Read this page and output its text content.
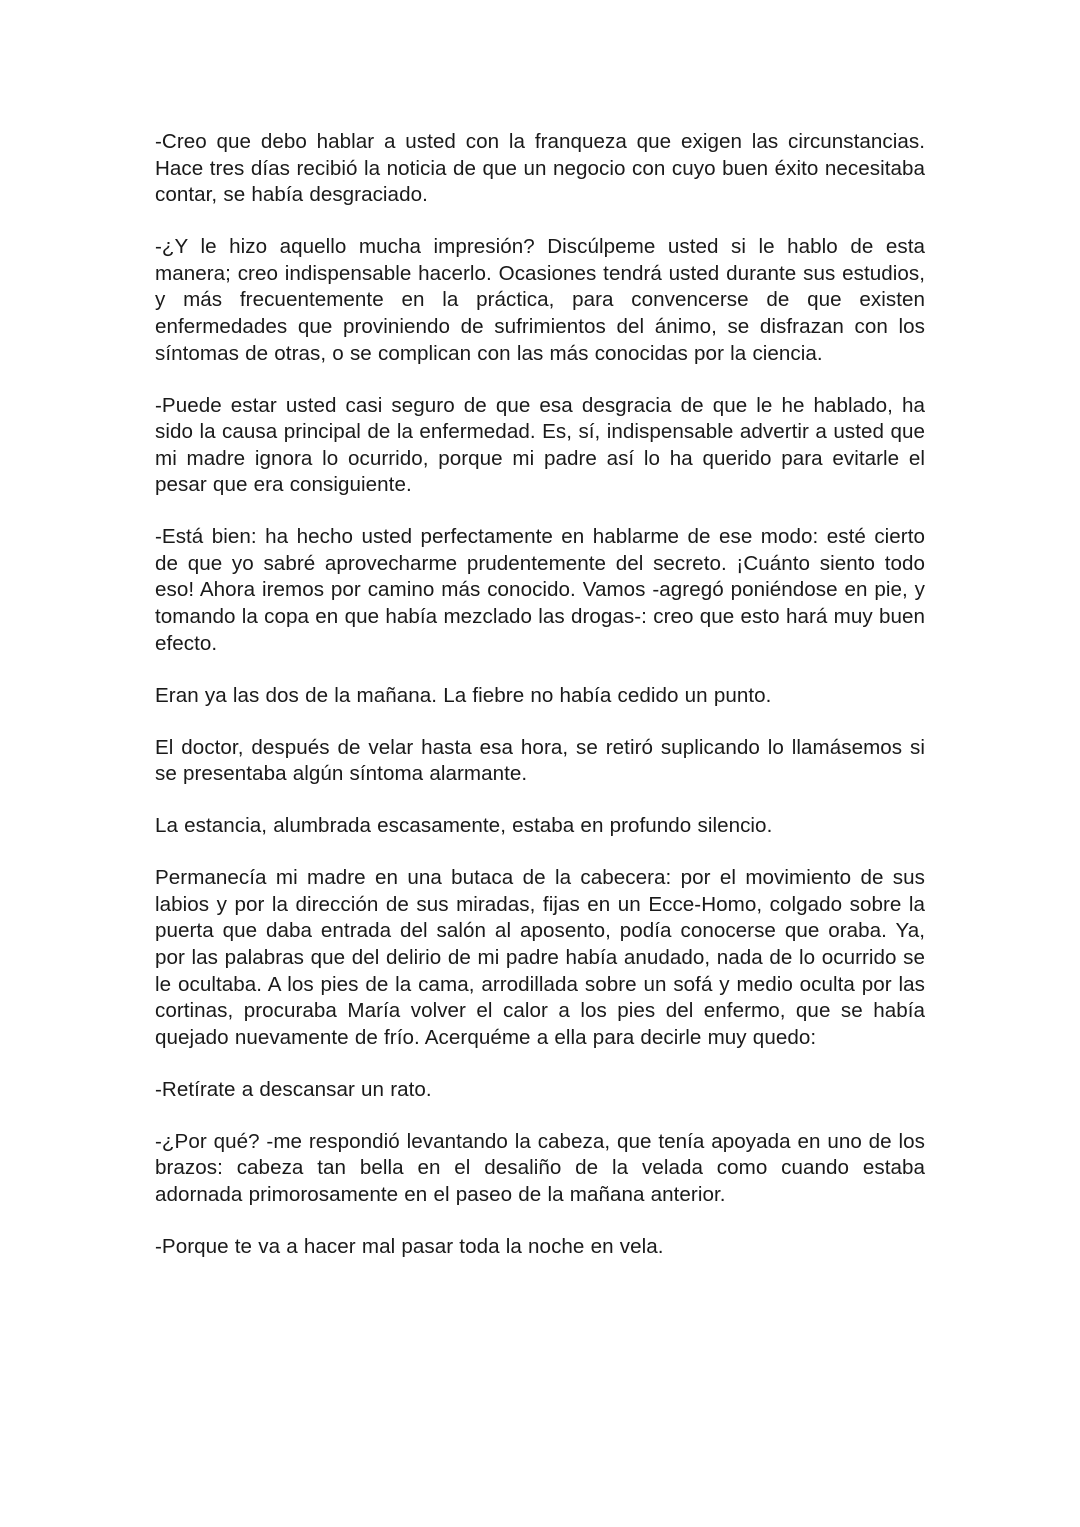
-Creo que debo hablar a usted con la franqueza que exigen las circunstancias. Hace tres días recibió la noticia de que un negocio con cuyo buen éxito necesitaba contar, se había desgraciado.

-¿Y le hizo aquello mucha impresión? Discúlpeme usted si le hablo de esta manera; creo indispensable hacerlo. Ocasiones tendrá usted durante sus estudios, y más frecuentemente en la práctica, para convencerse de que existen enfermedades que proviniendo de sufrimientos del ánimo, se disfrazan con los síntomas de otras, o se complican con las más conocidas por la ciencia.

-Puede estar usted casi seguro de que esa desgracia de que le he hablado, ha sido la causa principal de la enfermedad. Es, sí, indispensable advertir a usted que mi madre ignora lo ocurrido, porque mi padre así lo ha querido para evitarle el pesar que era consiguiente.

-Está bien: ha hecho usted perfectamente en hablarme de ese modo: esté cierto de que yo sabré aprovecharme prudentemente del secreto. ¡Cuánto siento todo eso! Ahora iremos por camino más conocido. Vamos -agregó poniéndose en pie, y tomando la copa en que había mezclado las drogas-: creo que esto hará muy buen efecto.

Eran ya las dos de la mañana. La fiebre no había cedido un punto.

El doctor, después de velar hasta esa hora, se retiró suplicando lo llamásemos si se presentaba algún síntoma alarmante.

La estancia, alumbrada escasamente, estaba en profundo silencio.

Permanecía mi madre en una butaca de la cabecera: por el movimiento de sus labios y por la dirección de sus miradas, fijas en un Ecce-Homo, colgado sobre la puerta que daba entrada del salón al aposento, podía conocerse que oraba. Ya, por las palabras que del delirio de mi padre había anudado, nada de lo ocurrido se le ocultaba. A los pies de la cama, arrodillada sobre un sofá y medio oculta por las cortinas, procuraba María volver el calor a los pies del enfermo, que se había quejado nuevamente de frío. Acerquéme a ella para decirle muy quedo:

-Retírate a descansar un rato.

-¿Por qué? -me respondió levantando la cabeza, que tenía apoyada en uno de los brazos: cabeza tan bella en el desaliño de la velada como cuando estaba adornada primorosamente en el paseo de la mañana anterior.

-Porque te va a hacer mal pasar toda la noche en vela.
